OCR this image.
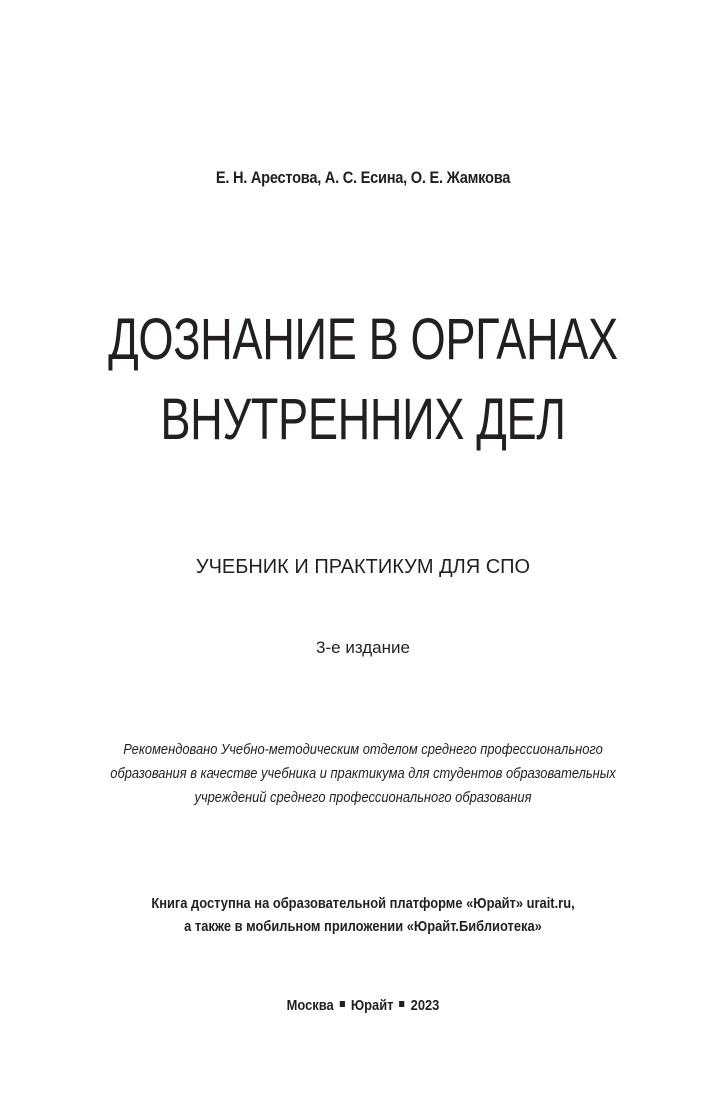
Е. Н. Арестова, А. С. Есина, О. Е. Жамкова
ДОЗНАНИЕ В ОРГАНАХ
ВНУТРЕННИХ ДЕЛ
УЧЕБНИК И ПРАКТИКУМ ДЛЯ СПО
3-е издание
Рекомендовано Учебно-методическим отделом среднего профессионального
образования в качестве учебника и практикума для студентов образовательных
учреждений среднего профессионального образования
Книга доступна на образовательной платформе «Юрайт» urait.ru,
а также в мобильном приложении «Юрайт.Библиотека»
Москва Юрайт 2023
